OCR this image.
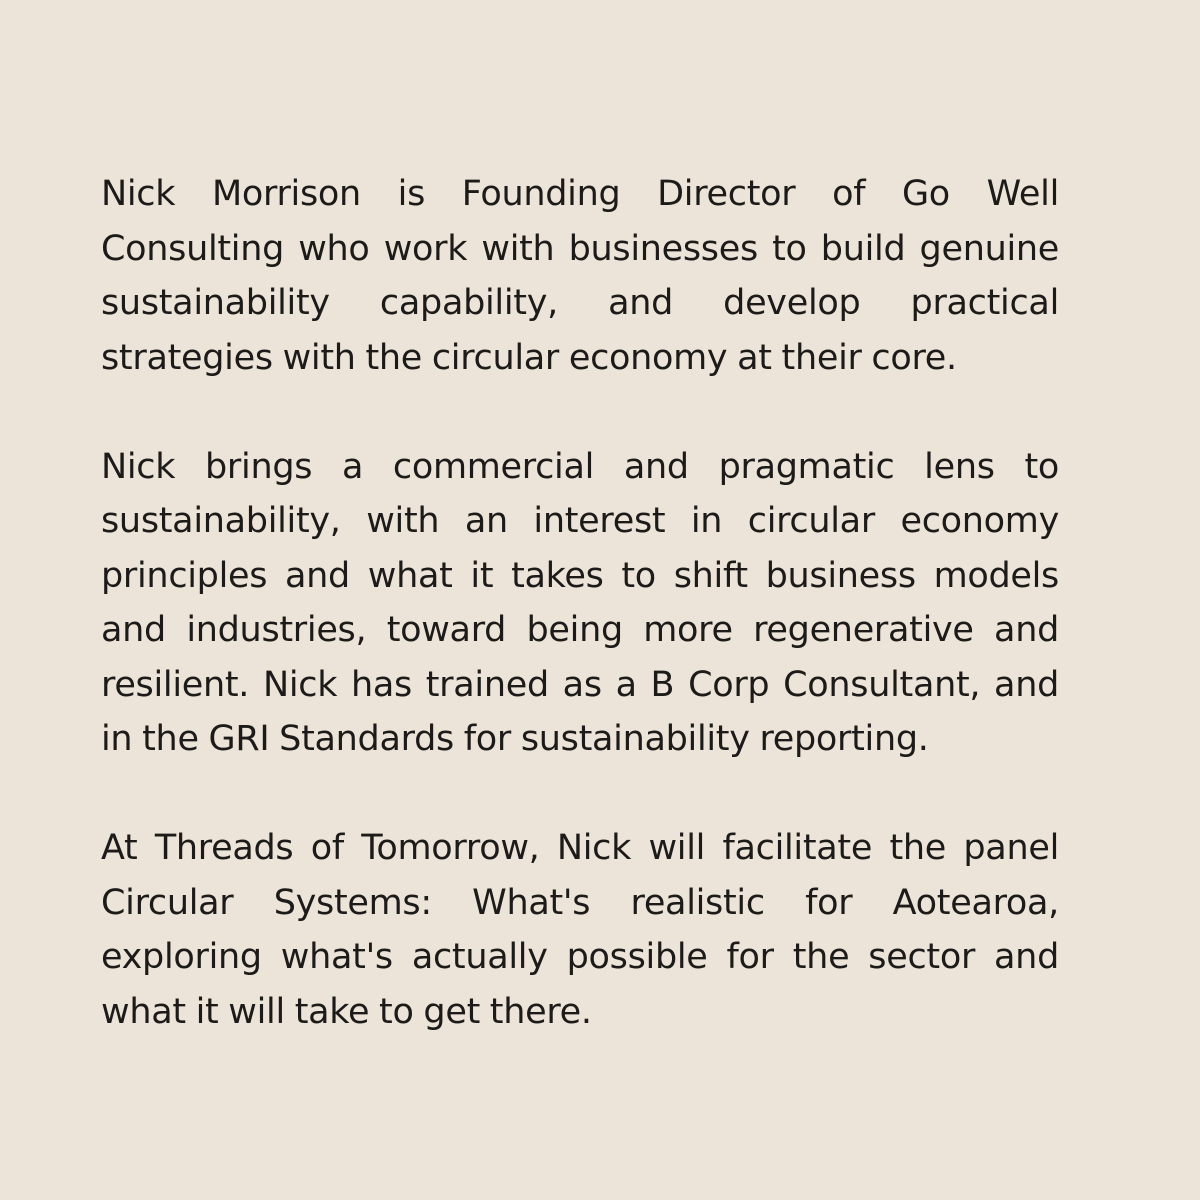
Nick Morrison is Founding Director of Go Well Consulting who work with businesses to build genuine sustainability capability, and develop practical strategies with the circular economy at their core.

Nick brings a commercial and pragmatic lens to sustainability, with an interest in circular economy principles and what it takes to shift business models and industries, toward being more regenerative and resilient. Nick has trained as a B Corp Consultant, and in the GRI Standards for sustainability reporting.

At Threads of Tomorrow, Nick will facilitate the panel Circular Systems: What's realistic for Aotearoa, exploring what's actually possible for the sector and what it will take to get there.
